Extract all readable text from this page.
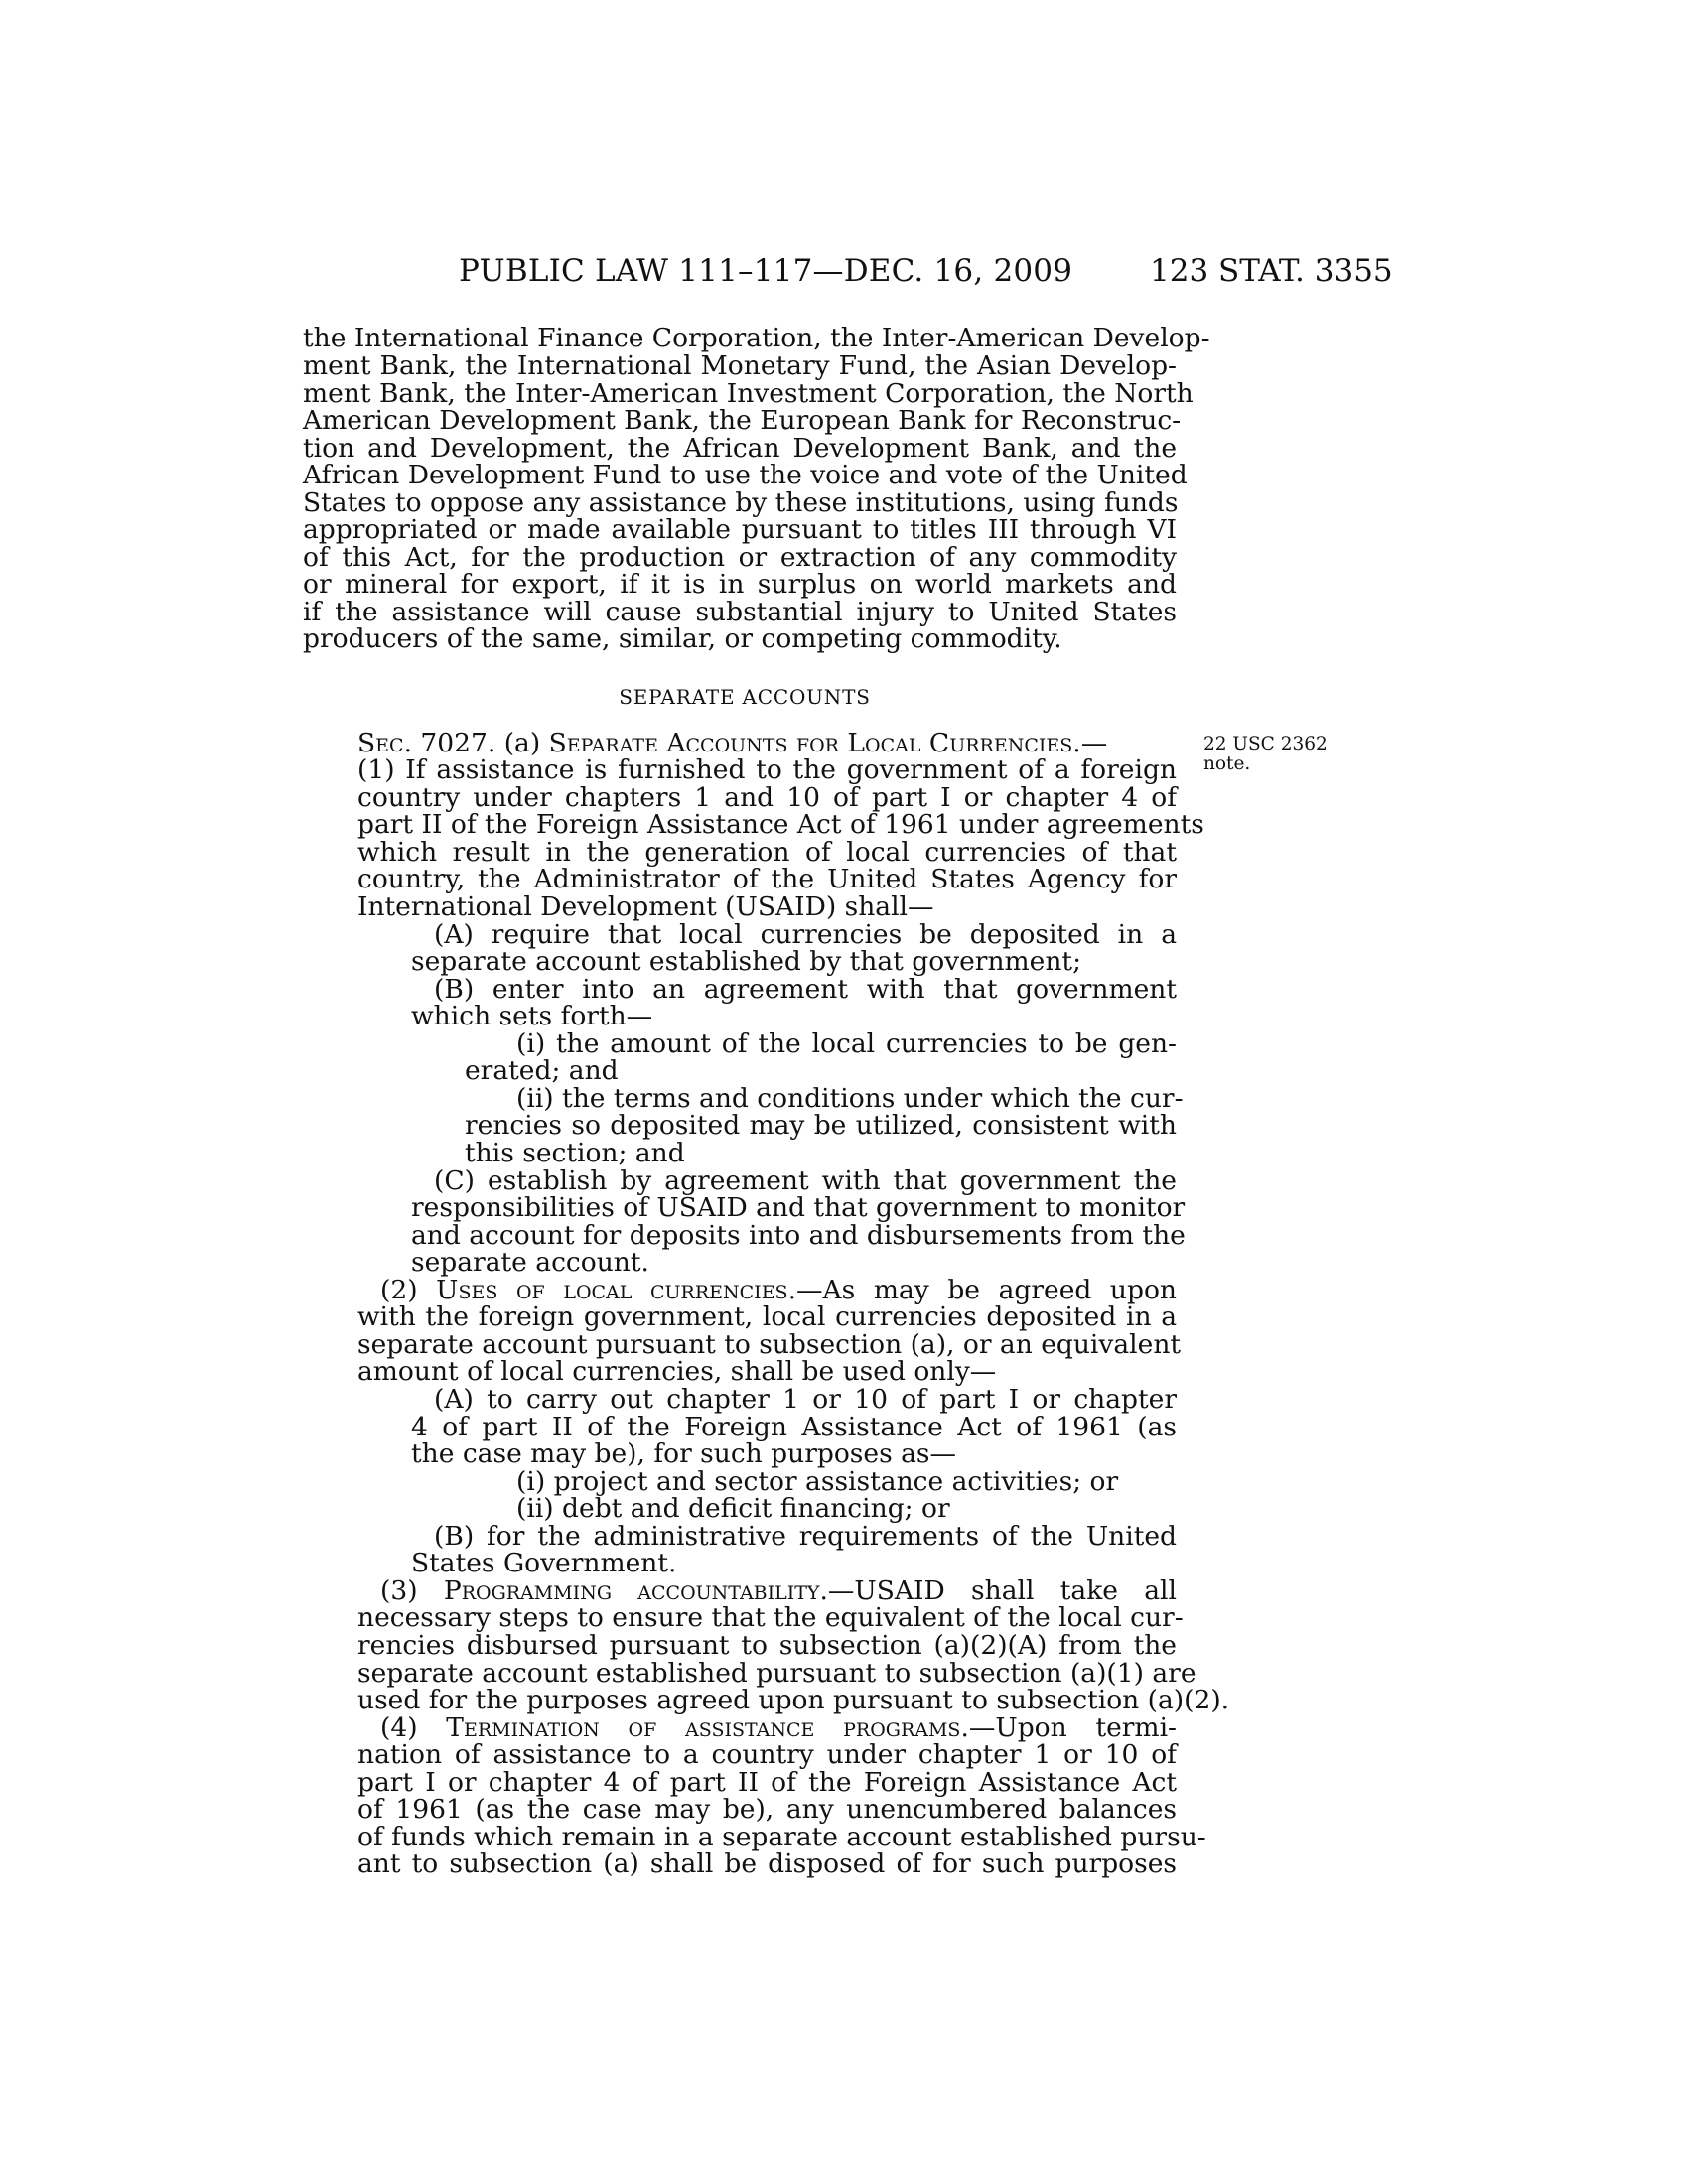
PUBLIC LAW 111–117—DEC. 16, 2009	123 STAT. 3355
the International Finance Corporation, the Inter-American Develop-
ment Bank, the International Monetary Fund, the Asian Develop-
ment Bank, the Inter-American Investment Corporation, the North
American Development Bank, the European Bank for Reconstruc-
tion and Development, the African Development Bank, and the
African Development Fund to use the voice and vote of the United
States to oppose any assistance by these institutions, using funds
appropriated or made available pursuant to titles III through VI
of this Act, for the production or extraction of any commodity
or mineral for export, if it is in surplus on world markets and
if the assistance will cause substantial injury to United States
producers of the same, similar, or competing commodity.
SEPARATE ACCOUNTS
Sec. 7027. (a) Separate Accounts for Local Currencies.—	22 USC 2362
note.
(1) If assistance is furnished to the government of a foreign
country under chapters 1 and 10 of part I or chapter 4 of
part II of the Foreign Assistance Act of 1961 under agreements
which result in the generation of local currencies of that
country, the Administrator of the United States Agency for
International Development (USAID) shall—
(A) require that local currencies be deposited in a
separate account established by that government;
(B) enter into an agreement with that government
which sets forth—
(i) the amount of the local currencies to be gen-
erated; and
(ii) the terms and conditions under which the cur-
rencies so deposited may be utilized, consistent with
this section; and
(C) establish by agreement with that government the
responsibilities of USAID and that government to monitor
and account for deposits into and disbursements from the
separate account.
(2) Uses of local currencies.—As may be agreed upon
with the foreign government, local currencies deposited in a
separate account pursuant to subsection (a), or an equivalent
amount of local currencies, shall be used only—
(A) to carry out chapter 1 or 10 of part I or chapter
4 of part II of the Foreign Assistance Act of 1961 (as
the case may be), for such purposes as—
(i) project and sector assistance activities; or
(ii) debt and deficit financing; or
(B) for the administrative requirements of the United
States Government.
(3) Programming accountability.—USAID shall take all
necessary steps to ensure that the equivalent of the local cur-
rencies disbursed pursuant to subsection (a)(2)(A) from the
separate account established pursuant to subsection (a)(1) are
used for the purposes agreed upon pursuant to subsection (a)(2).
(4) Termination of assistance programs.—Upon termi-
nation of assistance to a country under chapter 1 or 10 of
part I or chapter 4 of part II of the Foreign Assistance Act
of 1961 (as the case may be), any unencumbered balances
of funds which remain in a separate account established pursu-
ant to subsection (a) shall be disposed of for such purposes
